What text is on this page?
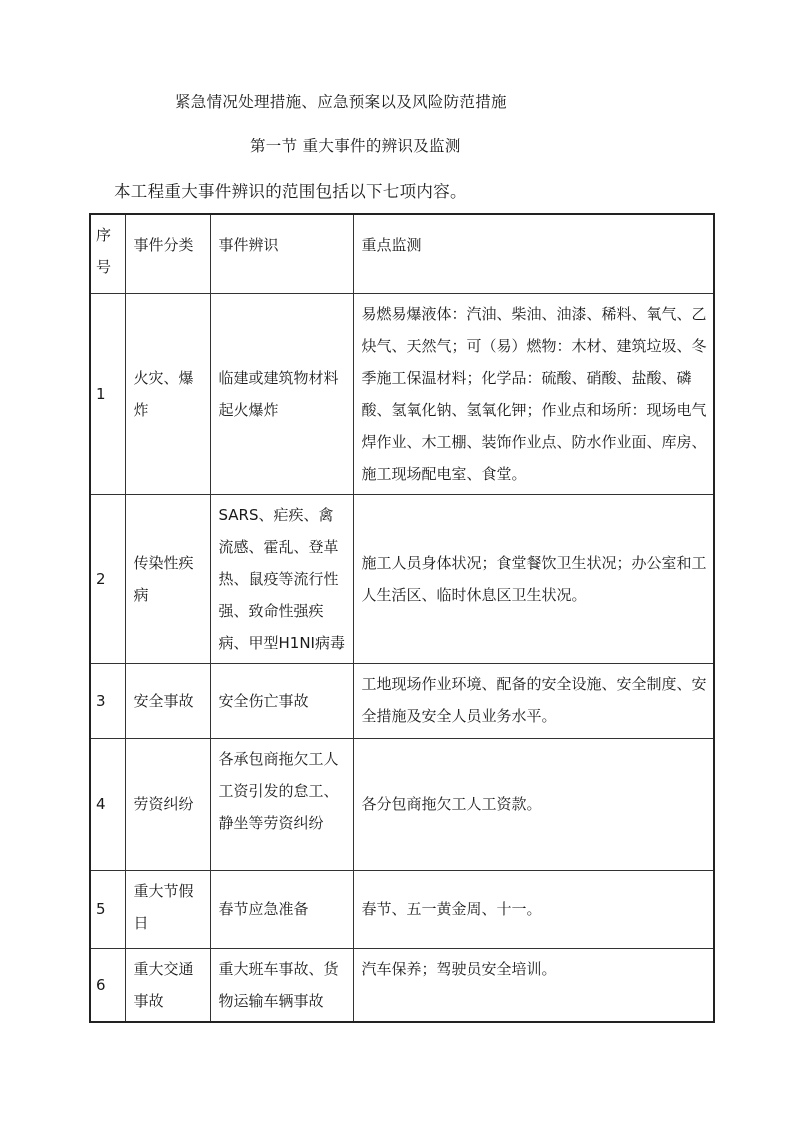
紧急情况处理措施、应急预案以及风险防范措施
第一节 重大事件的辨识及监测
本工程重大事件辨识的范围包括以下七项内容。
序号	事件分类	事件辨识	重点监测
1	火灾、爆炸	临建或建筑物材料起火爆炸	易燃易爆液体：汽油、柴油、油漆、稀料、氧气、乙炔气、天然气；可（易）燃物：木材、建筑垃圾、冬季施工保温材料；化学品：硫酸、硝酸、盐酸、磷酸、氢氧化钠、氢氧化钾；作业点和场所：现场电气焊作业、木工棚、装饰作业点、防水作业面、库房、施工现场配电室、食堂。
2	传染性疾病	SARS、疟疾、禽流感、霍乱、登革热、鼠疫等流行性强、致命性强疾病、甲型H1NI病毒	施工人员身体状况；食堂餐饮卫生状况；办公室和工人生活区、临时休息区卫生状况。
3	安全事故	安全伤亡事故	工地现场作业环境、配备的安全设施、安全制度、安全措施及安全人员业务水平。
4	劳资纠纷	各承包商拖欠工人工资引发的怠工、静坐等劳资纠纷	各分包商拖欠工人工资款。
5	重大节假日	春节应急准备	春节、五一黄金周、十一。
6	重大交通事故	重大班车事故、货物运输车辆事故	汽车保养；驾驶员安全培训。
